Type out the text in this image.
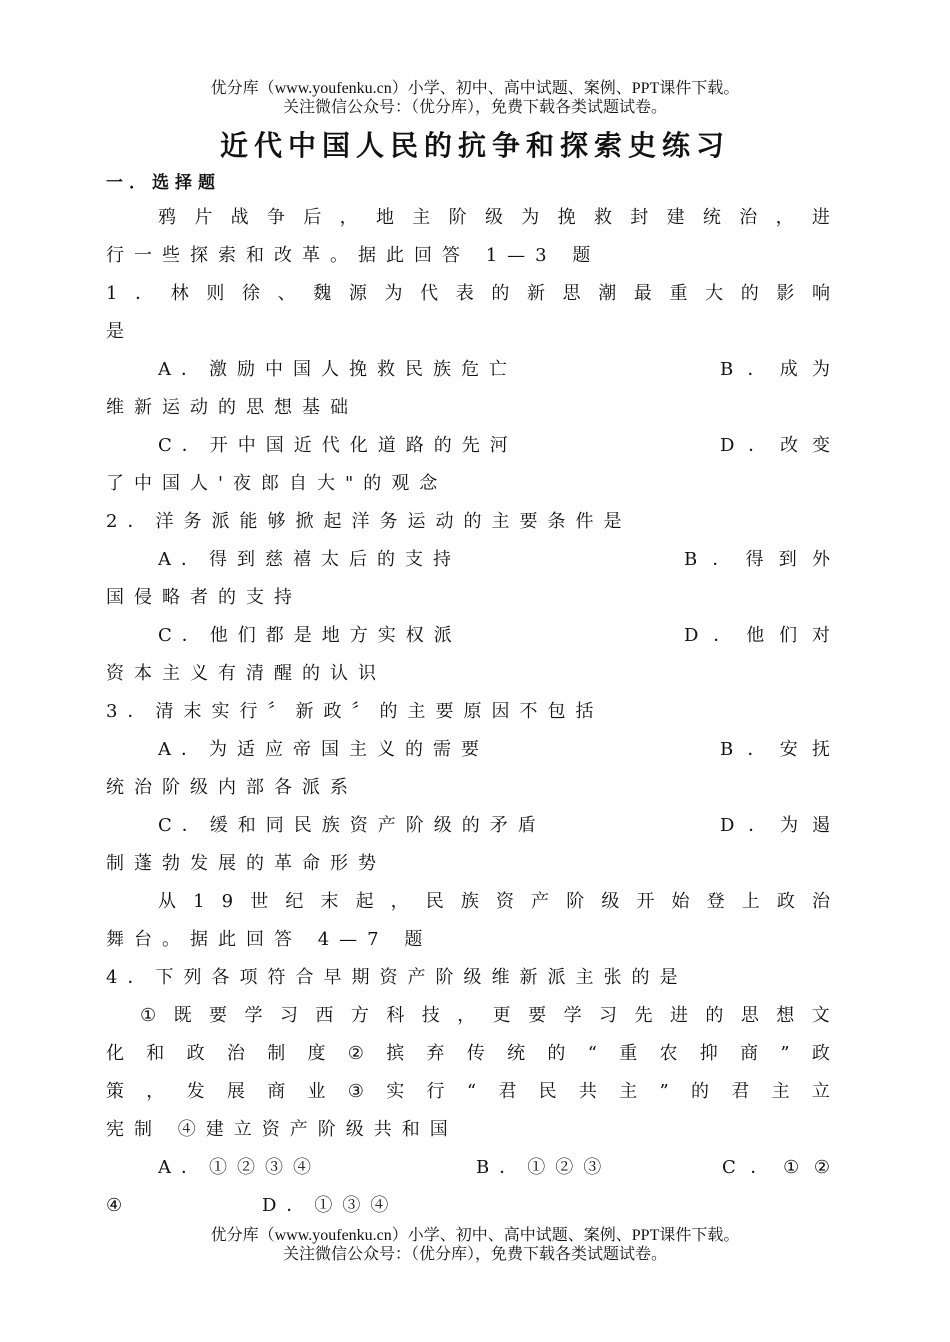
优分库（www.youfenku.cn）小学、初中、高中试题、案例、PPT课件下载。
关注微信公众号：（优分库），免费下载各类试题试卷。
近代中国人民的抗争和探索史练习
一．选择题
鸦 片 战 争 后 ， 地 主 阶 级 为 挽 救 封 建 统 治 ， 进
行一些探索和改革。据此回答 1—3 题
1 ． 林 则 徐 、 魏 源 为 代 表 的 新 思 潮 最 重 大 的 影 响
是
A．激励中国人挽救民族危亡	B ． 成 为
维新运动的思想基础
C．开中国近代化道路的先河	D ． 改 变
了中国人'夜郎自大"的观念
2．洋务派能够掀起洋务运动的主要条件是
A．得到慈禧太后的支持	B ． 得 到 外
国侵略者的支持
C．他们都是地方实权派	D ． 他 们 对
资本主义有清醒的认识
3．清末实行〞新政〞的主要原因不包括
A．为适应帝国主义的需要	B ． 安 抚
统治阶级内部各派系
C．缓和同民族资产阶级的矛盾	D ． 为 遏
制蓬勃发展的革命形势
从 1 9 世 纪 末 起 ， 民 族 资 产 阶 级 开 始 登 上 政 治
舞台。据此回答 4—7 题
4．下列各项符合早期资产阶级维新派主张的是
① 既 要 学 习 西 方 科 技 ， 更 要 学 习 先 进 的 思 想 文
化 和 政 治 制 度 ② 摈 弃 传 统 的 “ 重 农 抑 商 ” 政
策 ， 发 展 商 业 ③ 实 行 “ 君 民 共 主 ” 的 君 主 立
宪制 ④建立资产阶级共和国
A．①②③④	B．①②③	C ． ① ②
④	D．①③④
优分库（www.youfenku.cn）小学、初中、高中试题、案例、PPT课件下载。
关注微信公众号：（优分库），免费下载各类试题试卷。
